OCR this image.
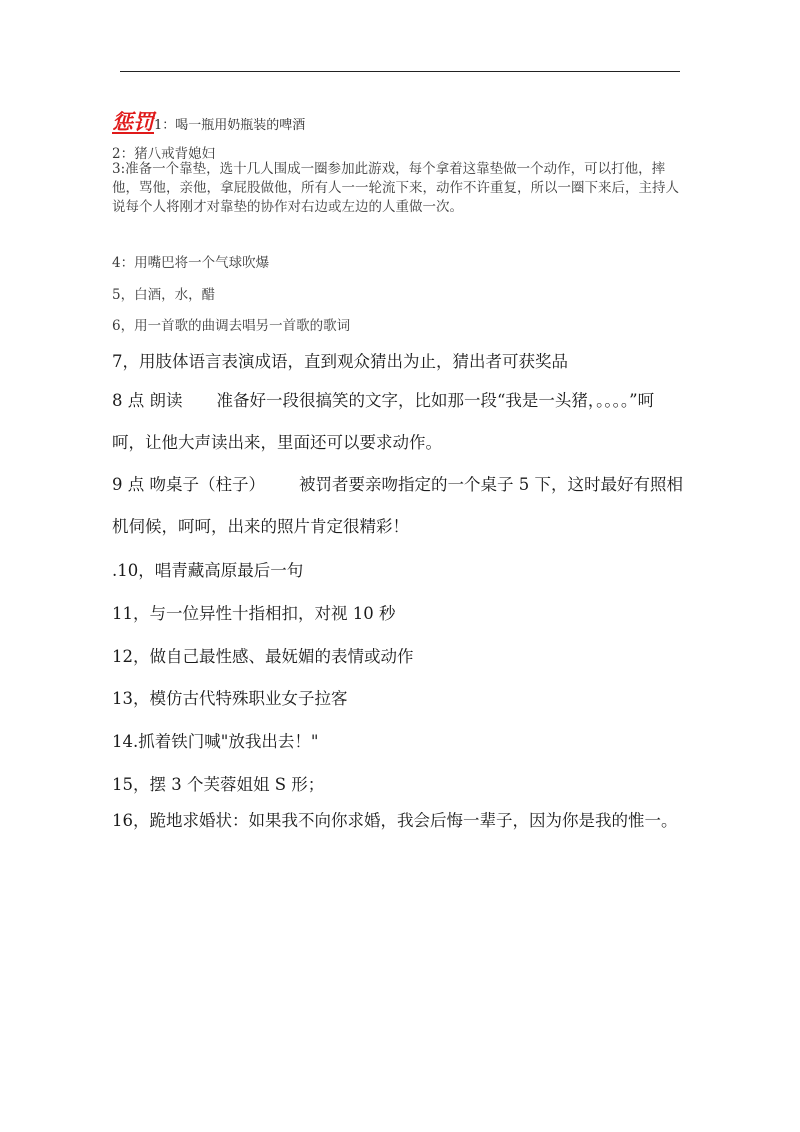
惩罚1：喝一瓶用奶瓶装的啤酒
2：猪八戒背媳妇
3:准备一个靠垫，选十几人围成一圈参加此游戏，每个拿着这靠垫做一个动作，可以打他，摔他，骂他，亲他，拿屁股做他，所有人一一轮流下来，动作不许重复，所以一圈下来后，主持人说每个人将刚才对靠垫的协作对右边或左边的人重做一次。
4：用嘴巴将一个气球吹爆
5，白酒，水，醋
6，用一首歌的曲调去唱另一首歌的歌词
7，用肢体语言表演成语，直到观众猜出为止，猜出者可获奖品
8 点 朗读 准备好一段很搞笑的文字，比如那一段“我是一头猪，。。。。”呵呵，让他大声读出来，里面还可以要求动作。
9 点 吻桌子（柱子） 被罚者要亲吻指定的一个桌子 5 下，这时最好有照相机伺候，呵呵，出来的照片肯定很精彩！
.10，唱青藏高原最后一句
11，与一位异性十指相扣，对视 10 秒
12，做自己最性感、最妩媚的表情或动作
13，模仿古代特殊职业女子拉客
14.抓着铁门喊"放我出去！"
15，摆 3 个芙蓉姐姐 S 形；
16，跪地求婚状：如果我不向你求婚，我会后悔一辈子，因为你是我的惟一。
